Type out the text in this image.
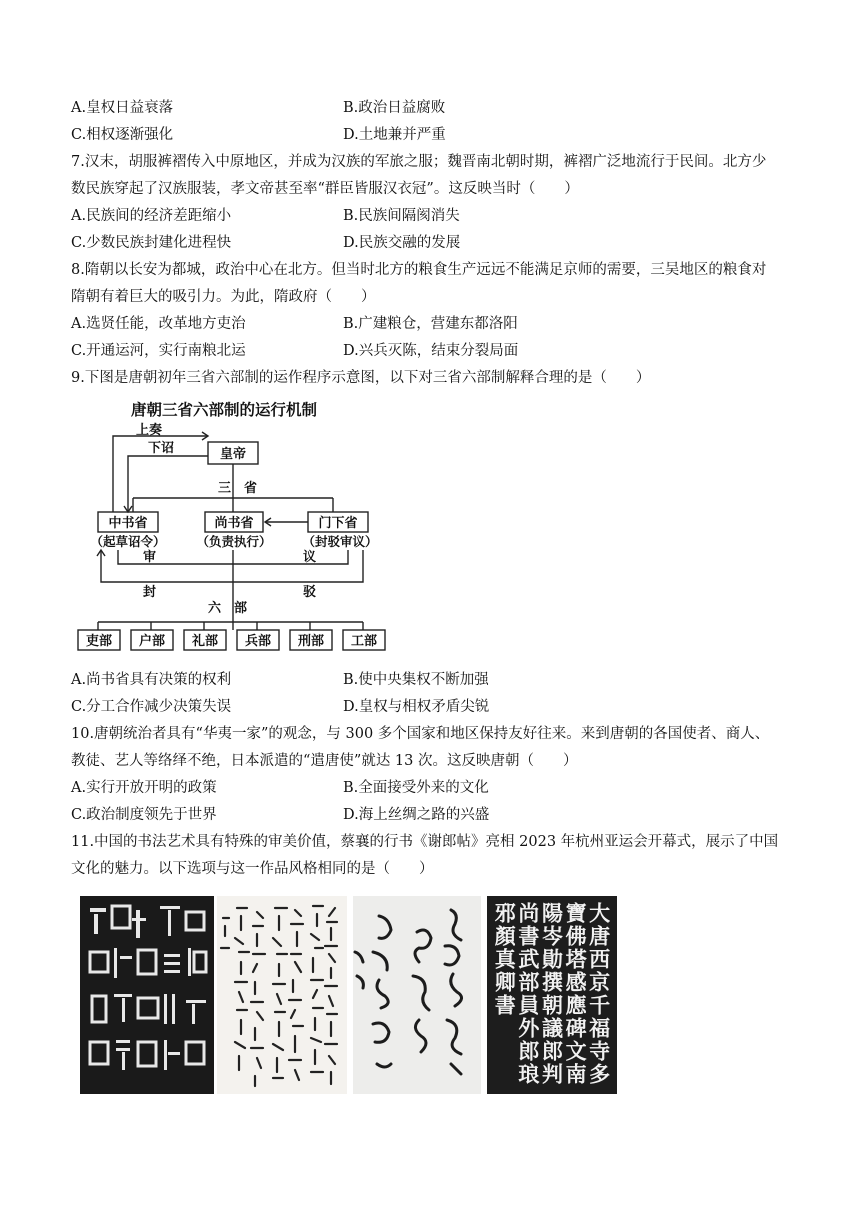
A.皇权日益衰落	B.政治日益腐败
C.相权逐渐强化	D.土地兼并严重
7.汉末，胡服裤褶传入中原地区，并成为汉族的军旅之服；魏晋南北朝时期，裤褶广泛地流行于民间。北方少
数民族穿起了汉族服装，孝文帝甚至率“群臣皆服汉衣冠”。这反映当时（　　）
A.民族间的经济差距缩小	B.民族间隔阂消失
C.少数民族封建化进程快	D.民族交融的发展
8.隋朝以长安为都城，政治中心在北方。但当时北方的粮食生产远远不能满足京师的需要，三吴地区的粮食对
隋朝有着巨大的吸引力。为此，隋政府（　　）
A.选贤任能，改革地方吏治	B.广建粮仓，营建东都洛阳
C.开通运河，实行南粮北运	D.兴兵灭陈，结束分裂局面
9.下图是唐朝初年三省六部制的运作程序示意图，以下对三省六部制解释合理的是（　　）
唐朝三省六部制的运行机制
皇帝
上奏
下诏
三　省
中书省	尚书省	门下省
（起草诏令） （负责执行） （封驳审议）
审	议
封	驳
六　部
吏部 户部 礼部 兵部 刑部 工部
A.尚书省具有决策的权利	B.使中央集权不断加强
C.分工合作减少决策失误	D.皇权与相权矛盾尖锐
10.唐朝统治者具有“华夷一家”的观念，与 300 多个国家和地区保持友好往来。来到唐朝的各国使者、商人、
教徒、艺人等络绎不绝，日本派遣的“遣唐使”就达 13 次。这反映唐朝（　　）
A.实行开放开明的政策	B.全面接受外来的文化
C.政治制度领先于世界	D.海上丝绸之路的兴盛
11.中国的书法艺术具有特殊的审美价值，蔡襄的行书《谢郎帖》亮相 2023 年杭州亚运会开幕式，展示了中国
文化的魅力。以下选项与这一作品风格相同的是（　　）
大唐西京千福寺多
寶佛塔感應碑文南
陽岑勛撰朝議郎判
尚書武部員外郎琅
邪顏真卿書
